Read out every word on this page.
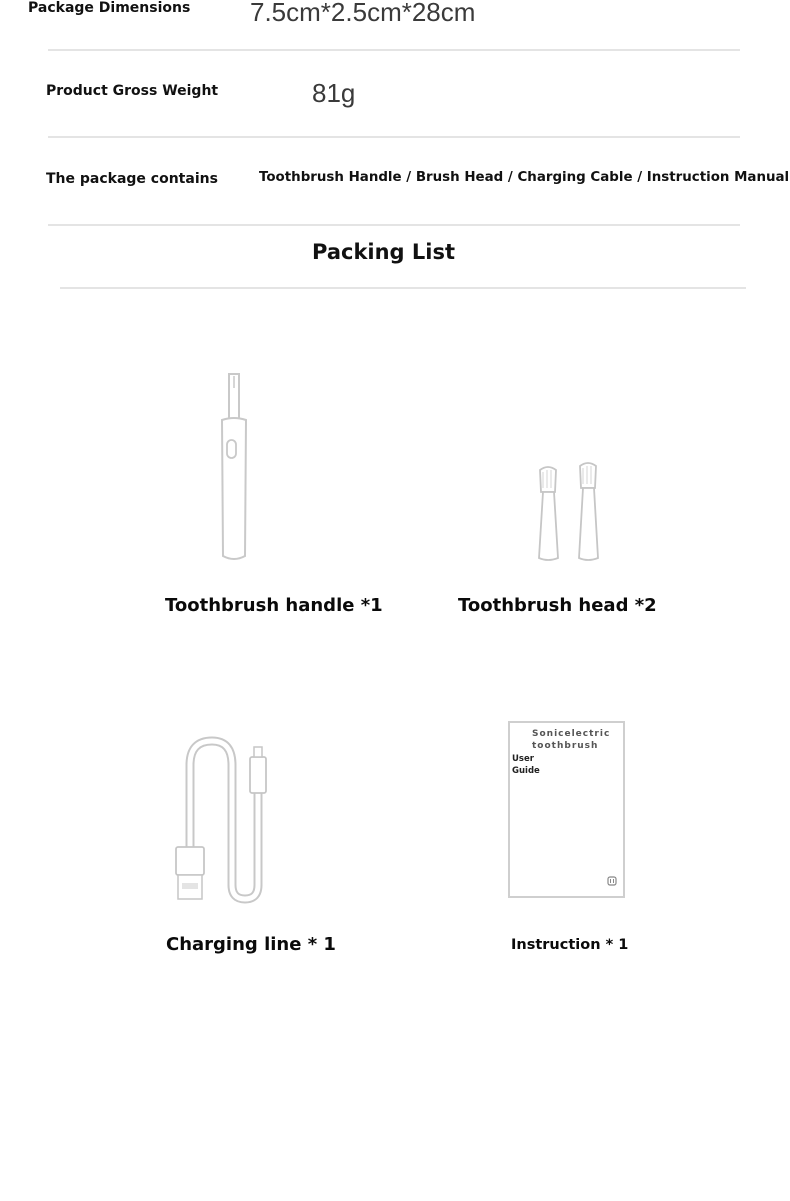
Package Dimensions 7.5cm*2.5cm*28cm
Product Gross Weight	81g
The package contains	Toothbrush Handle / Brush Head / Charging Cable / Instruction Manual
Packing List
Toothbrush handle *1	Toothbrush head *2
Charging line * 1
Sonicelectric
toothbrush
User
Guide
Instruction * 1
